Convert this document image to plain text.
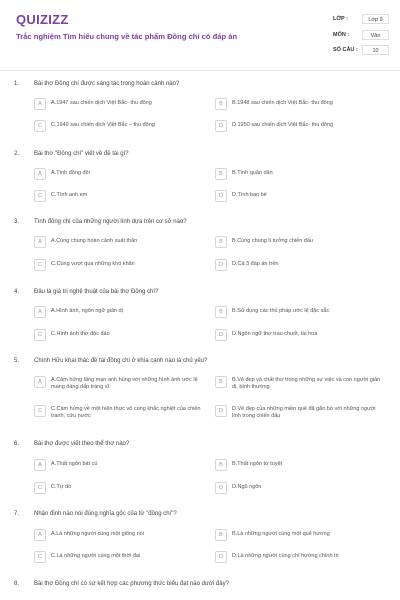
QUIZIZZ
Trắc nghiệm Tìm hiểu chung về tác phẩm Đồng chí có đáp án
LỚP :	Lớp 9
MÔN :	Văn
SỐ CÂU :	10
A	A.1947 sau chiến dịch Việt Bắc- thu đông	B	B.1948 sau chiến dịch Việt Bắc- thu đông
C	C.1949 sau chiến dịch Việt Bắc – thu đông	D	D.1950 sau chiến dịch Việt Bắc- thu đông
2. Bài thơ "Đồng chí" viết về đề tài gì?
A	A.Tình đồng đội	B	B.Tình quân dân
C	C.Tình anh em	D	D.Tình bạn bè
3. Tình đồng chí của những người lính dựa trên cơ sở nào?
A	A.Cùng chung hoàn cảnh xuất thân	B	B.Cùng chung lí tưởng chiến đấu
C	C.Cùng vượt qua những khó khăn	D	D.Cả 3 đáp án trên
4. Đâu là giá trị nghệ thuật của bài thơ Đồng chí?
A	A.Hình ảnh, ngôn ngữ giản dị	B	B.Sử dụng các thủ pháp ước lệ đặc sắc
C	C.Hình ảnh thơ độc đáo	D	D.Ngôn ngữ thơ trau chuốt, tài hoa
5. Chính Hữu khai thác đề tài đồng chí ở khía cạnh nào là chủ yếu?
A	A.Cảm hứng lãng mạn anh hùng với những hình ảnh ước lệ mang dáng dấp tráng sĩ
B	B.Vẻ đẹp và chất thơ trong những sự việc và con người giản dị, bình thường
C	C.Cảm hứng về một hiện thực vô cùng khắc nghiệt của chiến tranh, cứu nước
D	D.Vẻ đẹp của những miền quê đã gắn bó với những người lính trong chiến đấu
6. Bài thơ được viết theo thể thơ nào?
A	A.Thất ngôn bát cú	B	B.Thất ngôn tứ tuyệt
C	C.Tự do	D	D.Ngũ ngôn
7. Nhận định nào nói đúng nghĩa gốc của từ "đồng chí"?
A	A.Là những người cùng một giống nòi	B	B.Là những người cùng một quê hương
C	C.Là những người cùng một thời đại	D	D.Là những người cùng chí hướng chính trị
8. Bài thơ Đồng chí có sự kết hợp các phương thức biểu đạt nào dưới đây?
1. Bài thơ Đồng chí được sáng tác trong hoàn cảnh nào?
